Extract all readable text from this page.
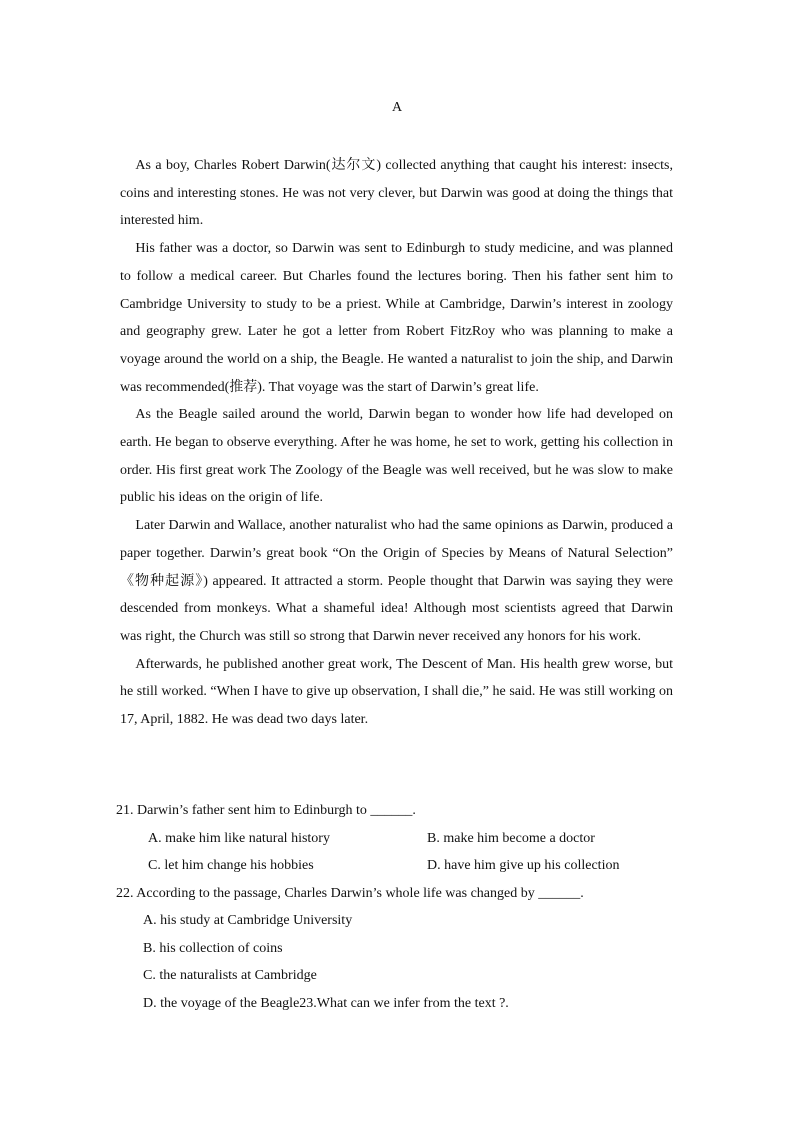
A

As a boy, Charles Robert Darwin(达尔文) collected anything that caught his interest: insects, coins and interesting stones. He was not very clever, but Darwin was good at doing the things that interested him.

His father was a doctor, so Darwin was sent to Edinburgh to study medicine, and was planned to follow a medical career. But Charles found the lectures boring. Then his father sent him to Cambridge University to study to be a priest. While at Cambridge, Darwin’s interest in zoology and geography grew. Later he got a letter from Robert FitzRoy who was planning to make a voyage around the world on a ship, the Beagle. He wanted a naturalist to join the ship, and Darwin was recommended(推荐). That voyage was the start of Darwin’s great life.

As the Beagle sailed around the world, Darwin began to wonder how life had developed on earth. He began to observe everything. After he was home, he set to work, getting his collection in order. His first great work The Zoology of the Beagle was well received, but he was slow to make public his ideas on the origin of life.

Later Darwin and Wallace, another naturalist who had the same opinions as Darwin, produced a paper together. Darwin’s great book “On the Origin of Species by Means of Natural Selection” 《物种起源》) appeared. It attracted a storm. People thought that Darwin was saying they were descended from monkeys. What a shameful idea! Although most scientists agreed that Darwin was right, the Church was still so strong that Darwin never received any honors for his work.

Afterwards, he published another great work, The Descent of Man. His health grew worse, but he still worked. “When I have to give up observation, I shall die,” he said. He was still working on 17, April, 1882. He was dead two days later.

21. Darwin’s father sent him to Edinburgh to ______.
A. make him like natural history	B. make him become a doctor
C. let him change his hobbies	D. have him give up his collection
22. According to the passage, Charles Darwin’s whole life was changed by ______.
A. his study at Cambridge University
B. his collection of coins
C. the naturalists at Cambridge
D. the voyage of the Beagle23.What can we infer from the text ?.
